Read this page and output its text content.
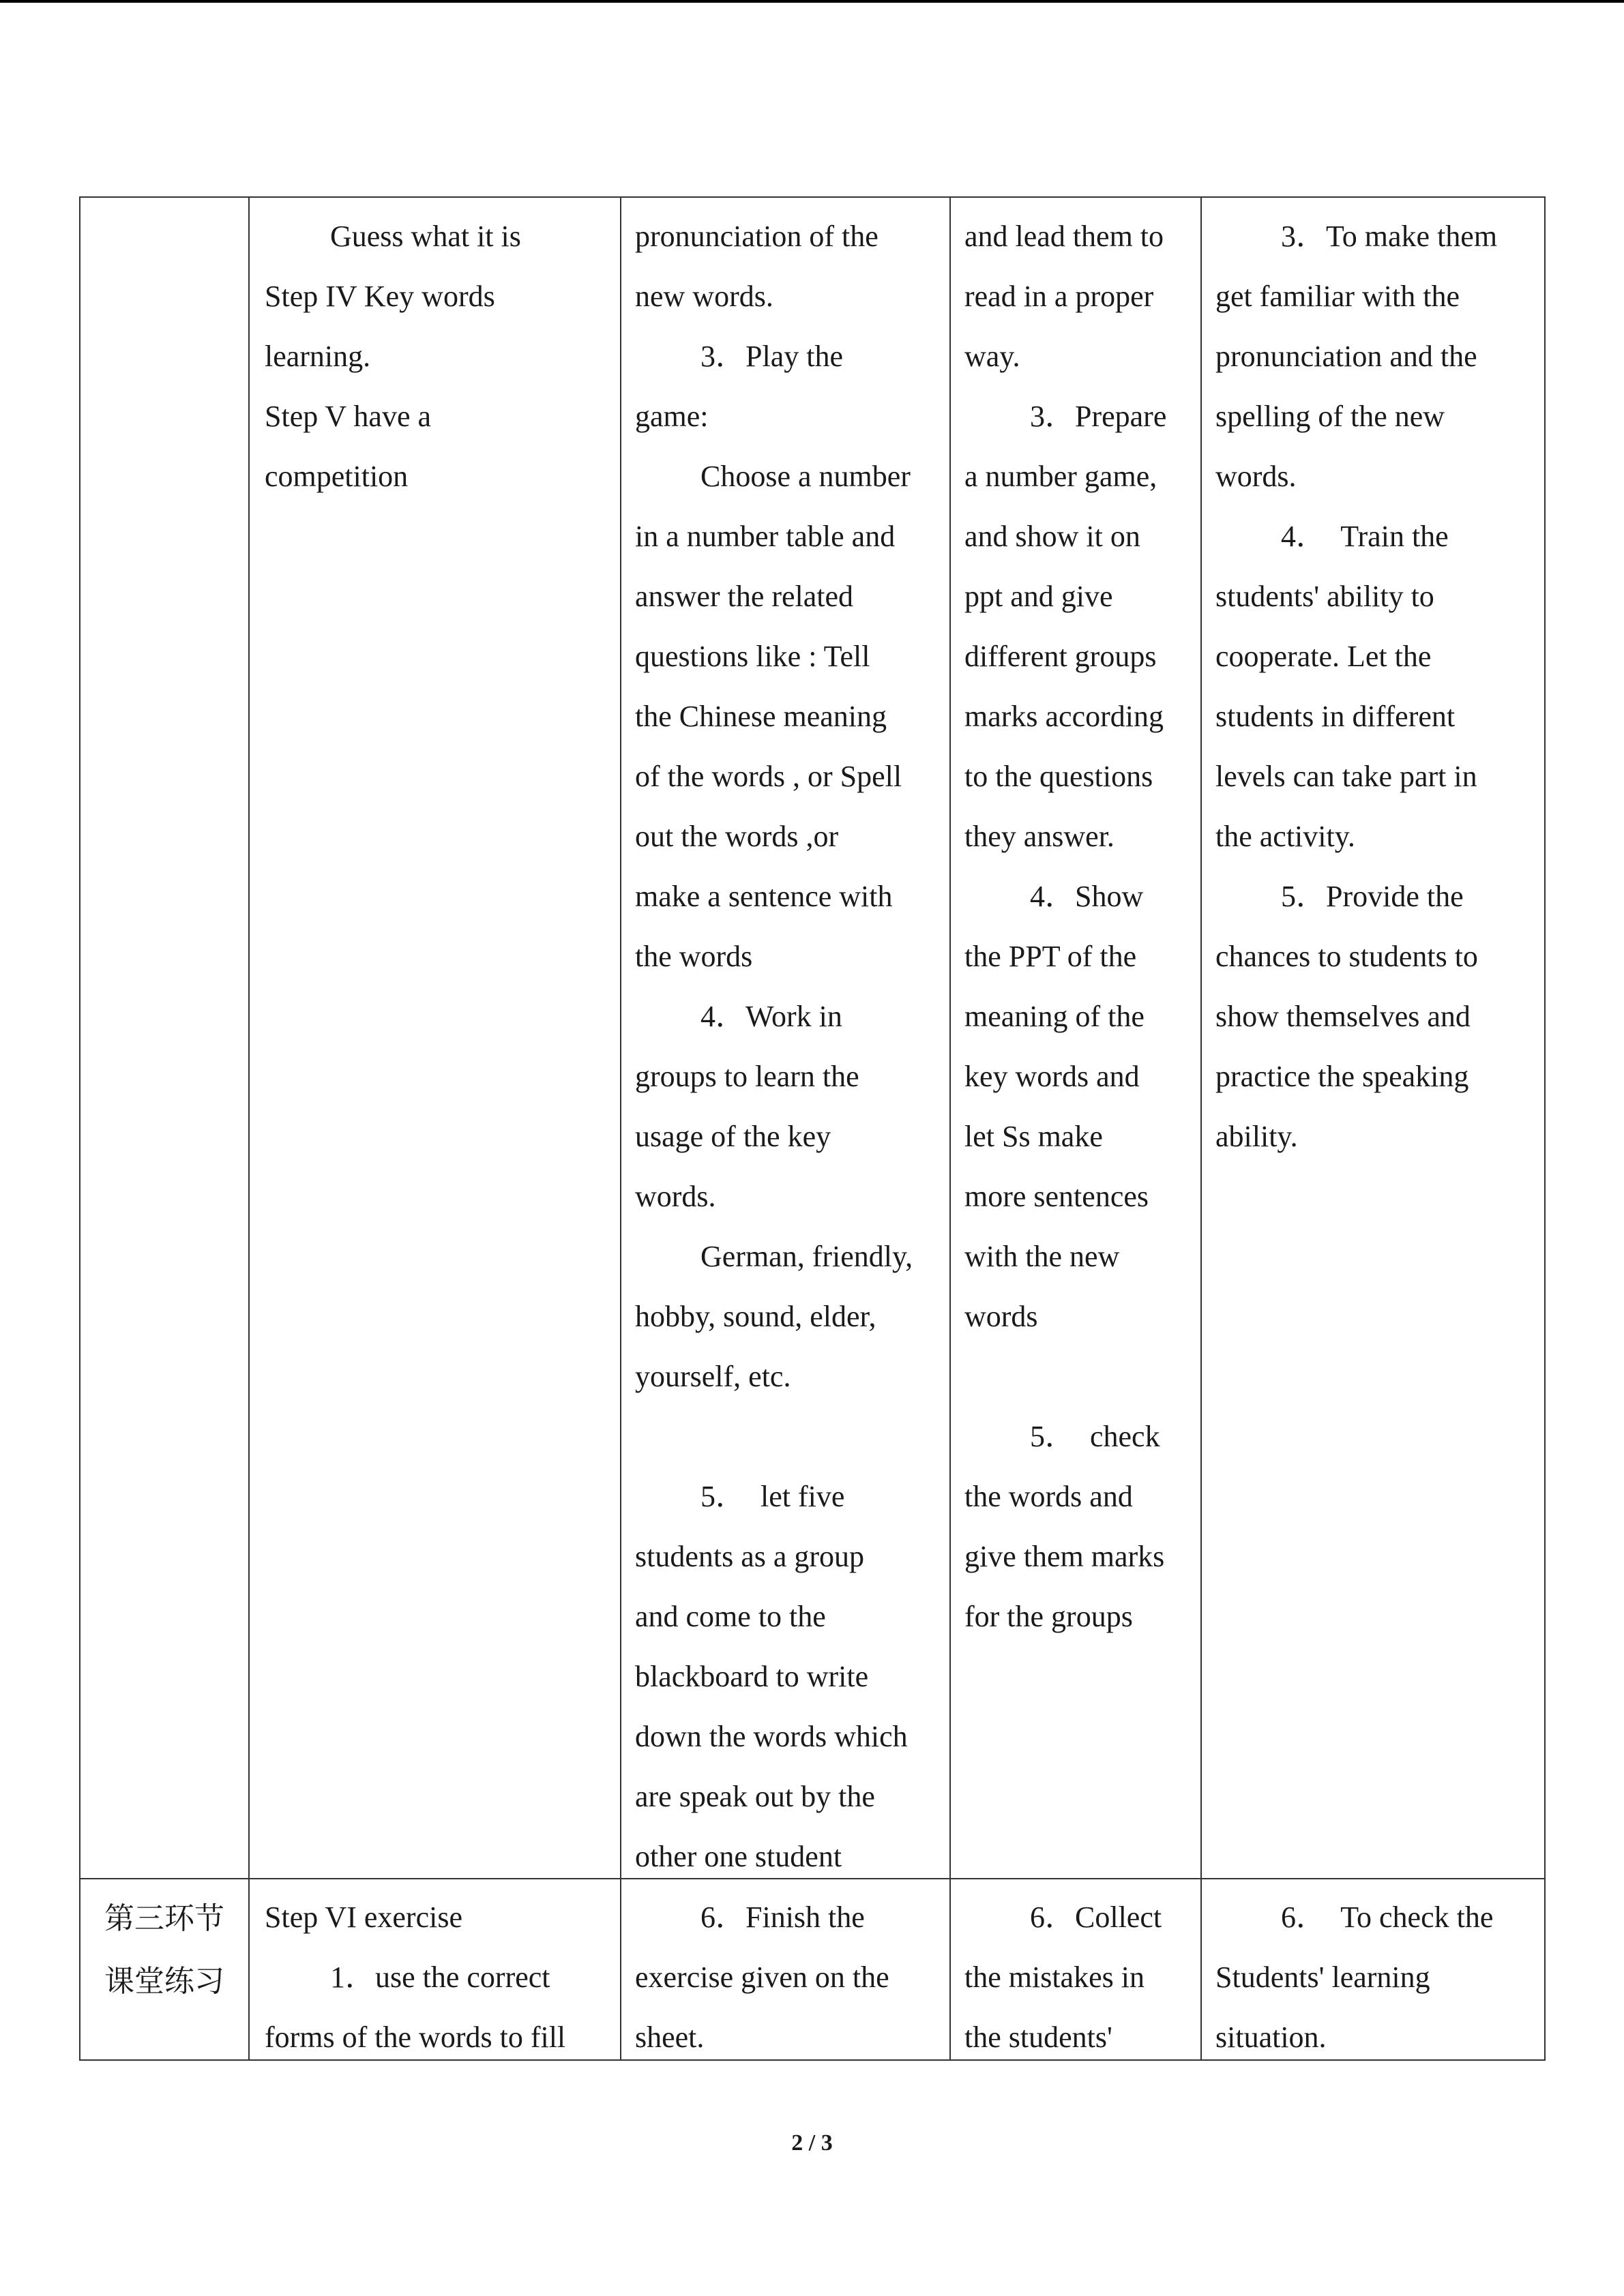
Guess what it is

Step IV Key words

learning.

Step V have a

competition

pronunciation of the

new words.

3．Play the

game:

Choose a number

in a number table and

answer the related

questions like : Tell

the Chinese meaning

of the words , or Spell

out the words ,or

make a sentence with

the words

4．Work in

groups to learn the

usage of the key

words.

German, friendly,

hobby, sound, elder,

yourself, etc.

5．  let five

students as a group

and come to the

blackboard to write

down the words which

are speak out by the

other one student

and lead them to

read in a proper

way.

3．Prepare

a number game,

and show it on

ppt and give

different groups

marks according

to the questions

they answer.

4．Show

the PPT of the

meaning of the

key words and

let Ss make

more sentences

with the new

words

5．  check

the words and

give them marks

for the groups

3．To make them

get familiar with the

pronunciation and the

spelling of the new

words.

4．  Train the

students' ability to

cooperate. Let the

students in different

levels can take part in

the activity.

5．Provide the

chances to students to

show themselves and

practice the speaking

ability.

第三环节

课堂练习

Step VI exercise

1．use the correct

forms of the words to fill

6．Finish the

exercise given on the

sheet.

6．Collect

the mistakes in

the students'

6．  To check the

Students' learning

situation.

2 / 3
